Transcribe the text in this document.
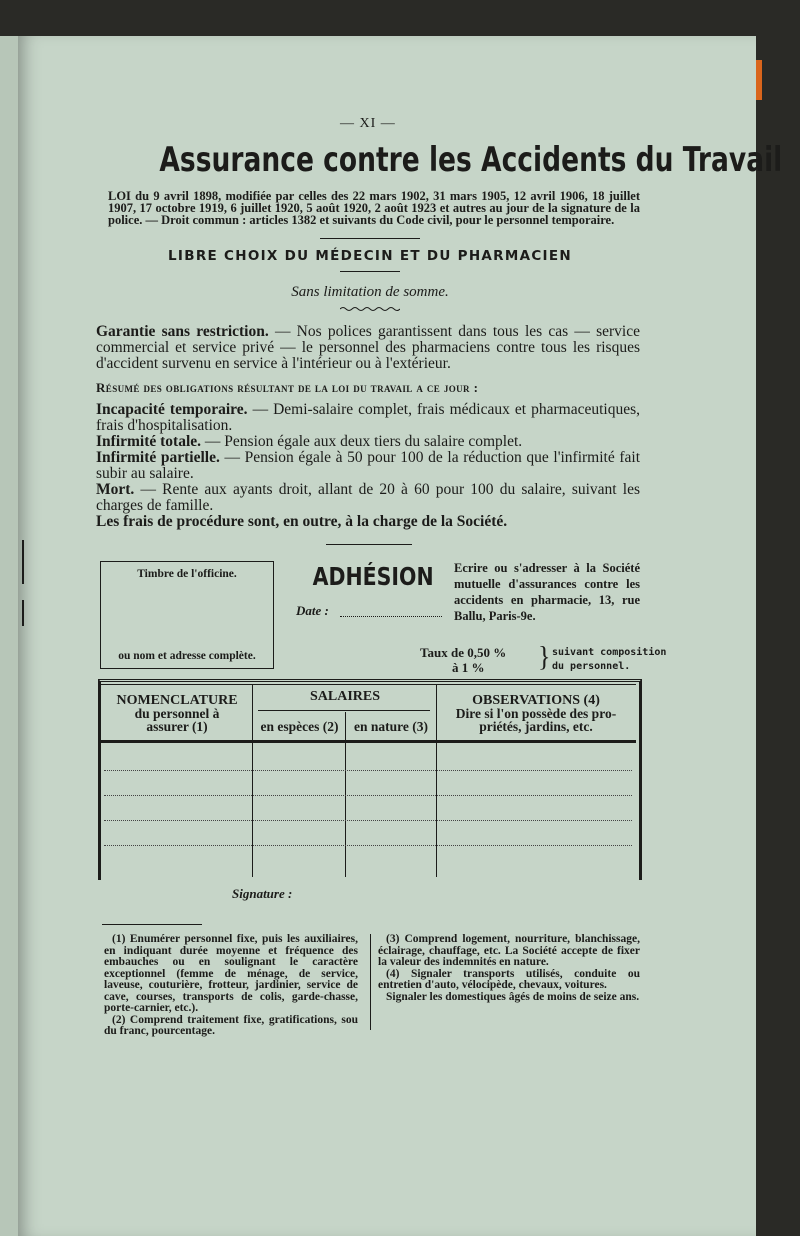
— XI —
Assurance contre les Accidents du Travail
LOI du 9 avril 1898, modifiée par celles des 22 mars 1902, 31 mars 1905, 12 avril 1906, 18 juillet 1907, 17 octobre 1919, 6 juillet 1920, 5 août 1920, 2 août 1923 et autres au jour de la signature de la police. — Droit commun : articles 1382 et suivants du Code civil, pour le personnel temporaire.
LIBRE CHOIX DU MÉDECIN ET DU PHARMACIEN
Sans limitation de somme.

Garantie sans restriction. — Nos polices garantissent dans tous les cas — service commercial et service privé — le personnel des pharmaciens contre tous les risques d'accident survenu en service à l'intérieur ou à l'extérieur.

Résumé des obligations résultant de la loi du travail a ce jour :

Incapacité temporaire. — Demi-salaire complet, frais médicaux et pharmaceutiques, frais d'hospitalisation.

Infirmité totale. — Pension égale aux deux tiers du salaire complet.

Infirmité partielle. — Pension égale à 50 pour 100 de la réduction que l'infirmité fait subir au salaire.

Mort. — Rente aux ayants droit, allant de 20 à 60 pour 100 du salaire, suivant les charges de famille.

Les frais de procédure sont, en outre, à la charge de la Société.

Timbre de l'officine.
ou nom et adresse complète.
ADHÉSION
Date :
Ecrire ou s'adresser à la Société mutuelle d'assurances contre les accidents en pharmacie, 13, rue Ballu, Paris-9e.
Taux de 0,50 %
à 1 %	} suivant composition
du personnel.
NOMENCLATURE
du personnel à
assurer (1)
SALAIRES
en espèces (2)	en nature (3)
OBSERVATIONS (4)
Dire si l'on possède des pro-
priétés, jardins, etc.
Signature :

(1) Enumérer personnel fixe, puis les auxiliaires, en indiquant durée moyenne et fréquence des embauches ou en soulignant le caractère exceptionnel (femme de ménage, de service, laveuse, couturière, frotteur, jardinier, service de cave, courses, transports de colis, garde-chasse, porte-carnier, etc.).

(2) Comprend traitement fixe, gratifications, sou du franc, pourcentage.

(3) Comprend logement, nourriture, blanchissage, éclairage, chauffage, etc. La Société accepte de fixer la valeur des indemnités en nature.

(4) Signaler transports utilisés, conduite ou entretien d'auto, vélocipède, chevaux, voitures.

Signaler les domestiques âgés de moins de seize ans.
